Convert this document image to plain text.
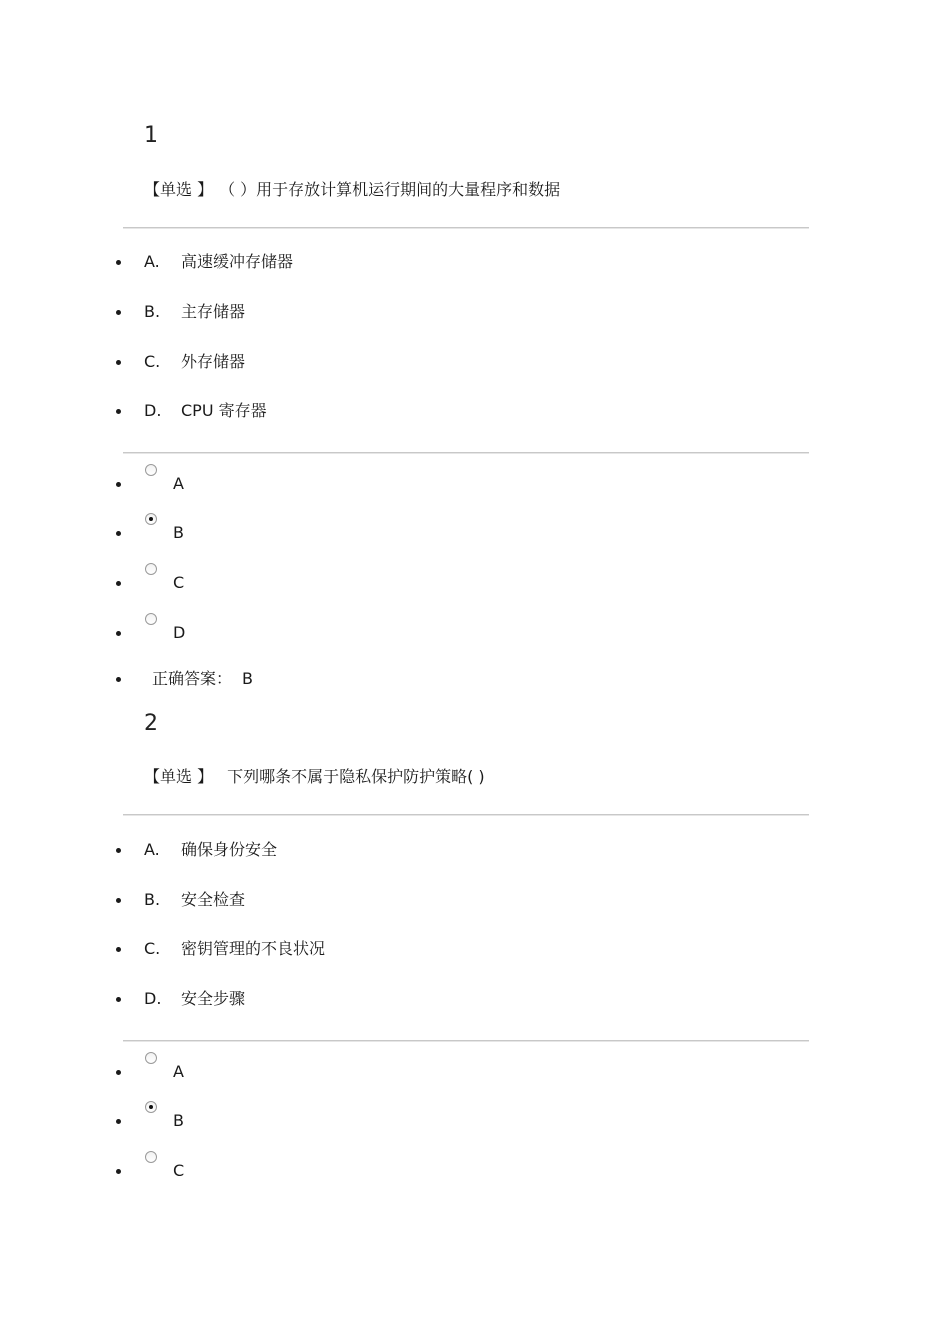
1
【单选 】 （ ）用于存放计算机运行期间的大量程序和数据
A. 高速缓冲存储器
B. 主存储器
C. 外存储器
D. CPU 寄存器
A
B
C
D
正确答案： B
2
【单选 】 下列哪条不属于隐私保护防护策略( )
A. 确保身份安全
B. 安全检查
C. 密钥管理的不良状况
D. 安全步骤
A
B
C
